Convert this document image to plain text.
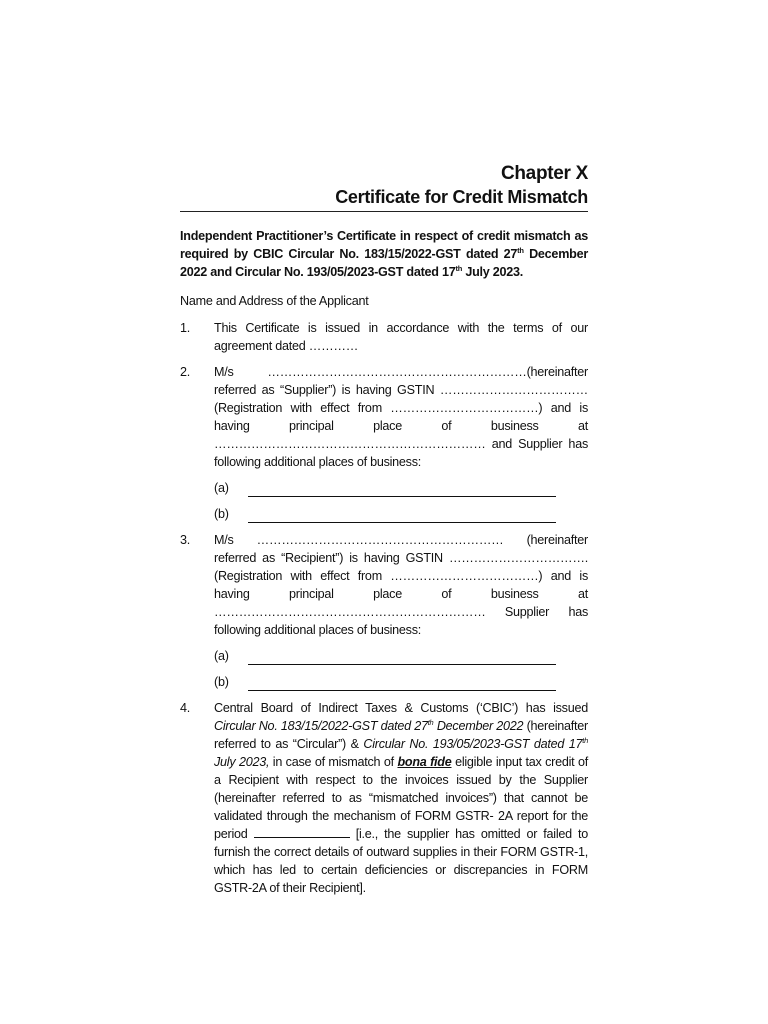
Chapter X
Certificate for Credit Mismatch

Independent Practitioner’s Certificate in respect of credit mismatch as required by CBIC Circular No. 183/15/2022-GST dated 27th December 2022 and Circular No. 193/05/2023-GST dated 17th July 2023.

Name and Address of the Applicant

1.	This Certificate is issued in accordance with the terms of our agreement dated …………

2.	M/s ………………………………………………………(hereinafter referred as “Supplier”) is having GSTIN ………………………………(Registration with effect from ………………………………) and is having principal place of business at ………………………………………………………… and Supplier has following additional places of business:

(a)
(b)
3.	M/s …………………………………………………… (hereinafter referred as “Recipient”) is having GSTIN ……………………………. (Registration with effect from ………………………………) and is having principal place of business at ………………………………………………………… Supplier has following additional places of business:

(a)
(b)
4.	Central Board of Indirect Taxes & Customs (‘CBIC’) has issued Circular No. 183/15/2022-GST dated 27th December 2022 (hereinafter referred to as “Circular”) & Circular No. 193/05/2023-GST dated 17th July 2023, in case of mismatch of bona fide eligible input tax credit of a Recipient with respect to the invoices issued by the Supplier (hereinafter referred to as “mismatched invoices”) that cannot be validated through the mechanism of FORM GSTR- 2A report for the period	[i.e., the supplier has omitted or failed to furnish the correct details of outward supplies in their FORM GSTR-1, which has led to certain deficiencies or discrepancies in FORM GSTR-2A of their Recipient].
